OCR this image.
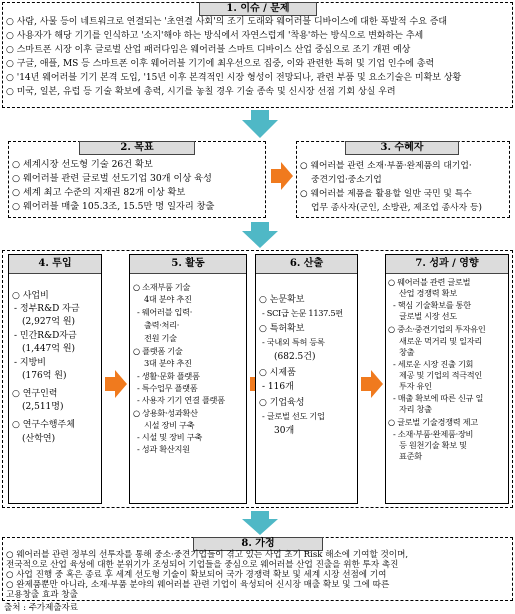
1. 이슈 / 문제
○ 사람, 사물 등이 네트워크로 연결되는 '초연결 사회'의 조기 도래와 웨어러블 디바이스에 대한 폭발적 수요 증대
○ 사용자가 해당 기기를 인식하고 '소지'해야 하는 방식에서 자연스럽게 '착용'하는 방식으로 변화하는 추세
○ 스마트폰 시장 이후 글로벌 산업 패러다임은 웨어러블 스마트 디바이스 산업 중심으로 조기 개편 예상
○ 구글, 애플, MS 등 스마트폰 이후 웨어러블 기기에 최우선으로 집중, 이와 관련한 특허 및 기업 인수에 총력
○ '14년 웨어러블 기기 본격 도입, '15년 이후 본격적인 시장 형성이 전망되나, 관련 부품 및 요소기술은 미확보 상황
○ 미국, 일본, 유럽 등 기술 확보에 총력, 시기를 놓칠 경우 기술 종속 및 신시장 선점 기회 상실 우려
2. 목표
○ 세계시장 선도형 기술 26건 확보
○ 웨어러블 관련 글로벌 선도기업 30개 이상 육성
○ 세계 최고 수준의 지재권 82개 이상 확보
○ 웨어러블 매출 105.3조, 15.5만 명 일자리 창출
3. 수혜자
○ 웨어러블 관련 소재·부품·완제품의 대기업·
중견기업·중소기업
○ 웨어러블 제품을 활용할 일반 국민 및 특수
업무 종사자(군인, 소방관, 제조업 종사자 등)
4. 투입
○ 사업비
- 정부R&D 자금
(2,927억 원)
- 민간R&D자금
(1,447억 원)
- 지방비
(176억 원)
○ 연구인력
(2,511명)
○ 연구수행주체
(산학연)
5. 활동
○ 소재부품 기술
4대 분야 추진
- 웨어러블 입력·
출력·처리·
전원 기술
○ 플랫폼 기술
3대 분야 추진
- 생활·문화 플랫폼
- 특수업무 플랫폼
- 사용자 기기 연결 플랫폼
○ 상용화·성과확산
시설 장비 구축
- 시설 및 장비 구축
- 성과 확산지원
6. 산출
○ 논문확보
- SCI급 논문 1137.5편
○ 특허확보
- 국내외 특허 등록
(682.5건)
○ 시제품
- 116개
○ 기업육성
- 글로벌 선도 기업
30개
7. 성과 / 영향
○ 웨어러블 관련 글로벌
산업 경쟁력 확보
- 핵심 기술확보를 통한
글로벌 시장 선도
○ 중소·중견기업의 투자유인
새로운 먹거리 및 일자리
창출
- 세로운 시장 진출 기회
제공 및 기업의 적극적인
투자 유인
- 매출 확보에 따른 신규 일
자리 창출
○ 글로벌 기술경쟁력 제고
- 소재·부품·완제품·장비
등 원천기술 확보 및
표준화
8. 가정
○ 웨어러블 관련 정부의 선투자를 통해 중소·중견기업들이 겪고 있는 사업 초기 Risk 해소에 기여할 것이며,
전국적으로 산업 육성에 대한 분위기가 조성되어 기업들을 중심으로 웨어러블 산업 진출을 위한 투자 촉진
○ 사업 진행 중 혹은 종료 후 세계 선도형 기술이 확보되어 국가 경쟁력 확보 및 세계 시장 선점에 기여
○ 완제품뿐만 아니라, 소재·부품 분야의 웨어러블 관련 기업이 육성되어 신시장 매출 확보 및 그에 따른
고용창출 효과 창출
출처 : 주가제출자료
